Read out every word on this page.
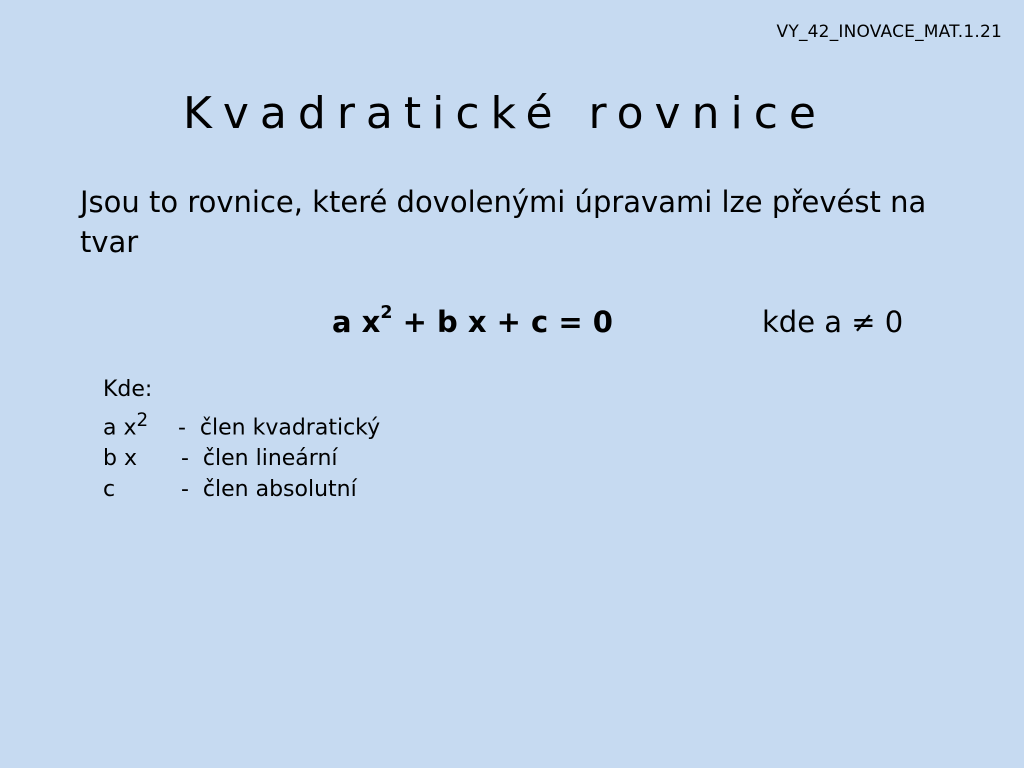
VY_42_INOVACE_MAT.1.21
Kvadratické rovnice

Jsou to rovnice, které dovolenými úpravami lze převést na tvar

a $x^2 + b$ x + c = 0	kde a ≠ 0
Kde:
a $x^2$ -  člen kvadratický
b x -  člen lineární
c	-  člen absolutní
